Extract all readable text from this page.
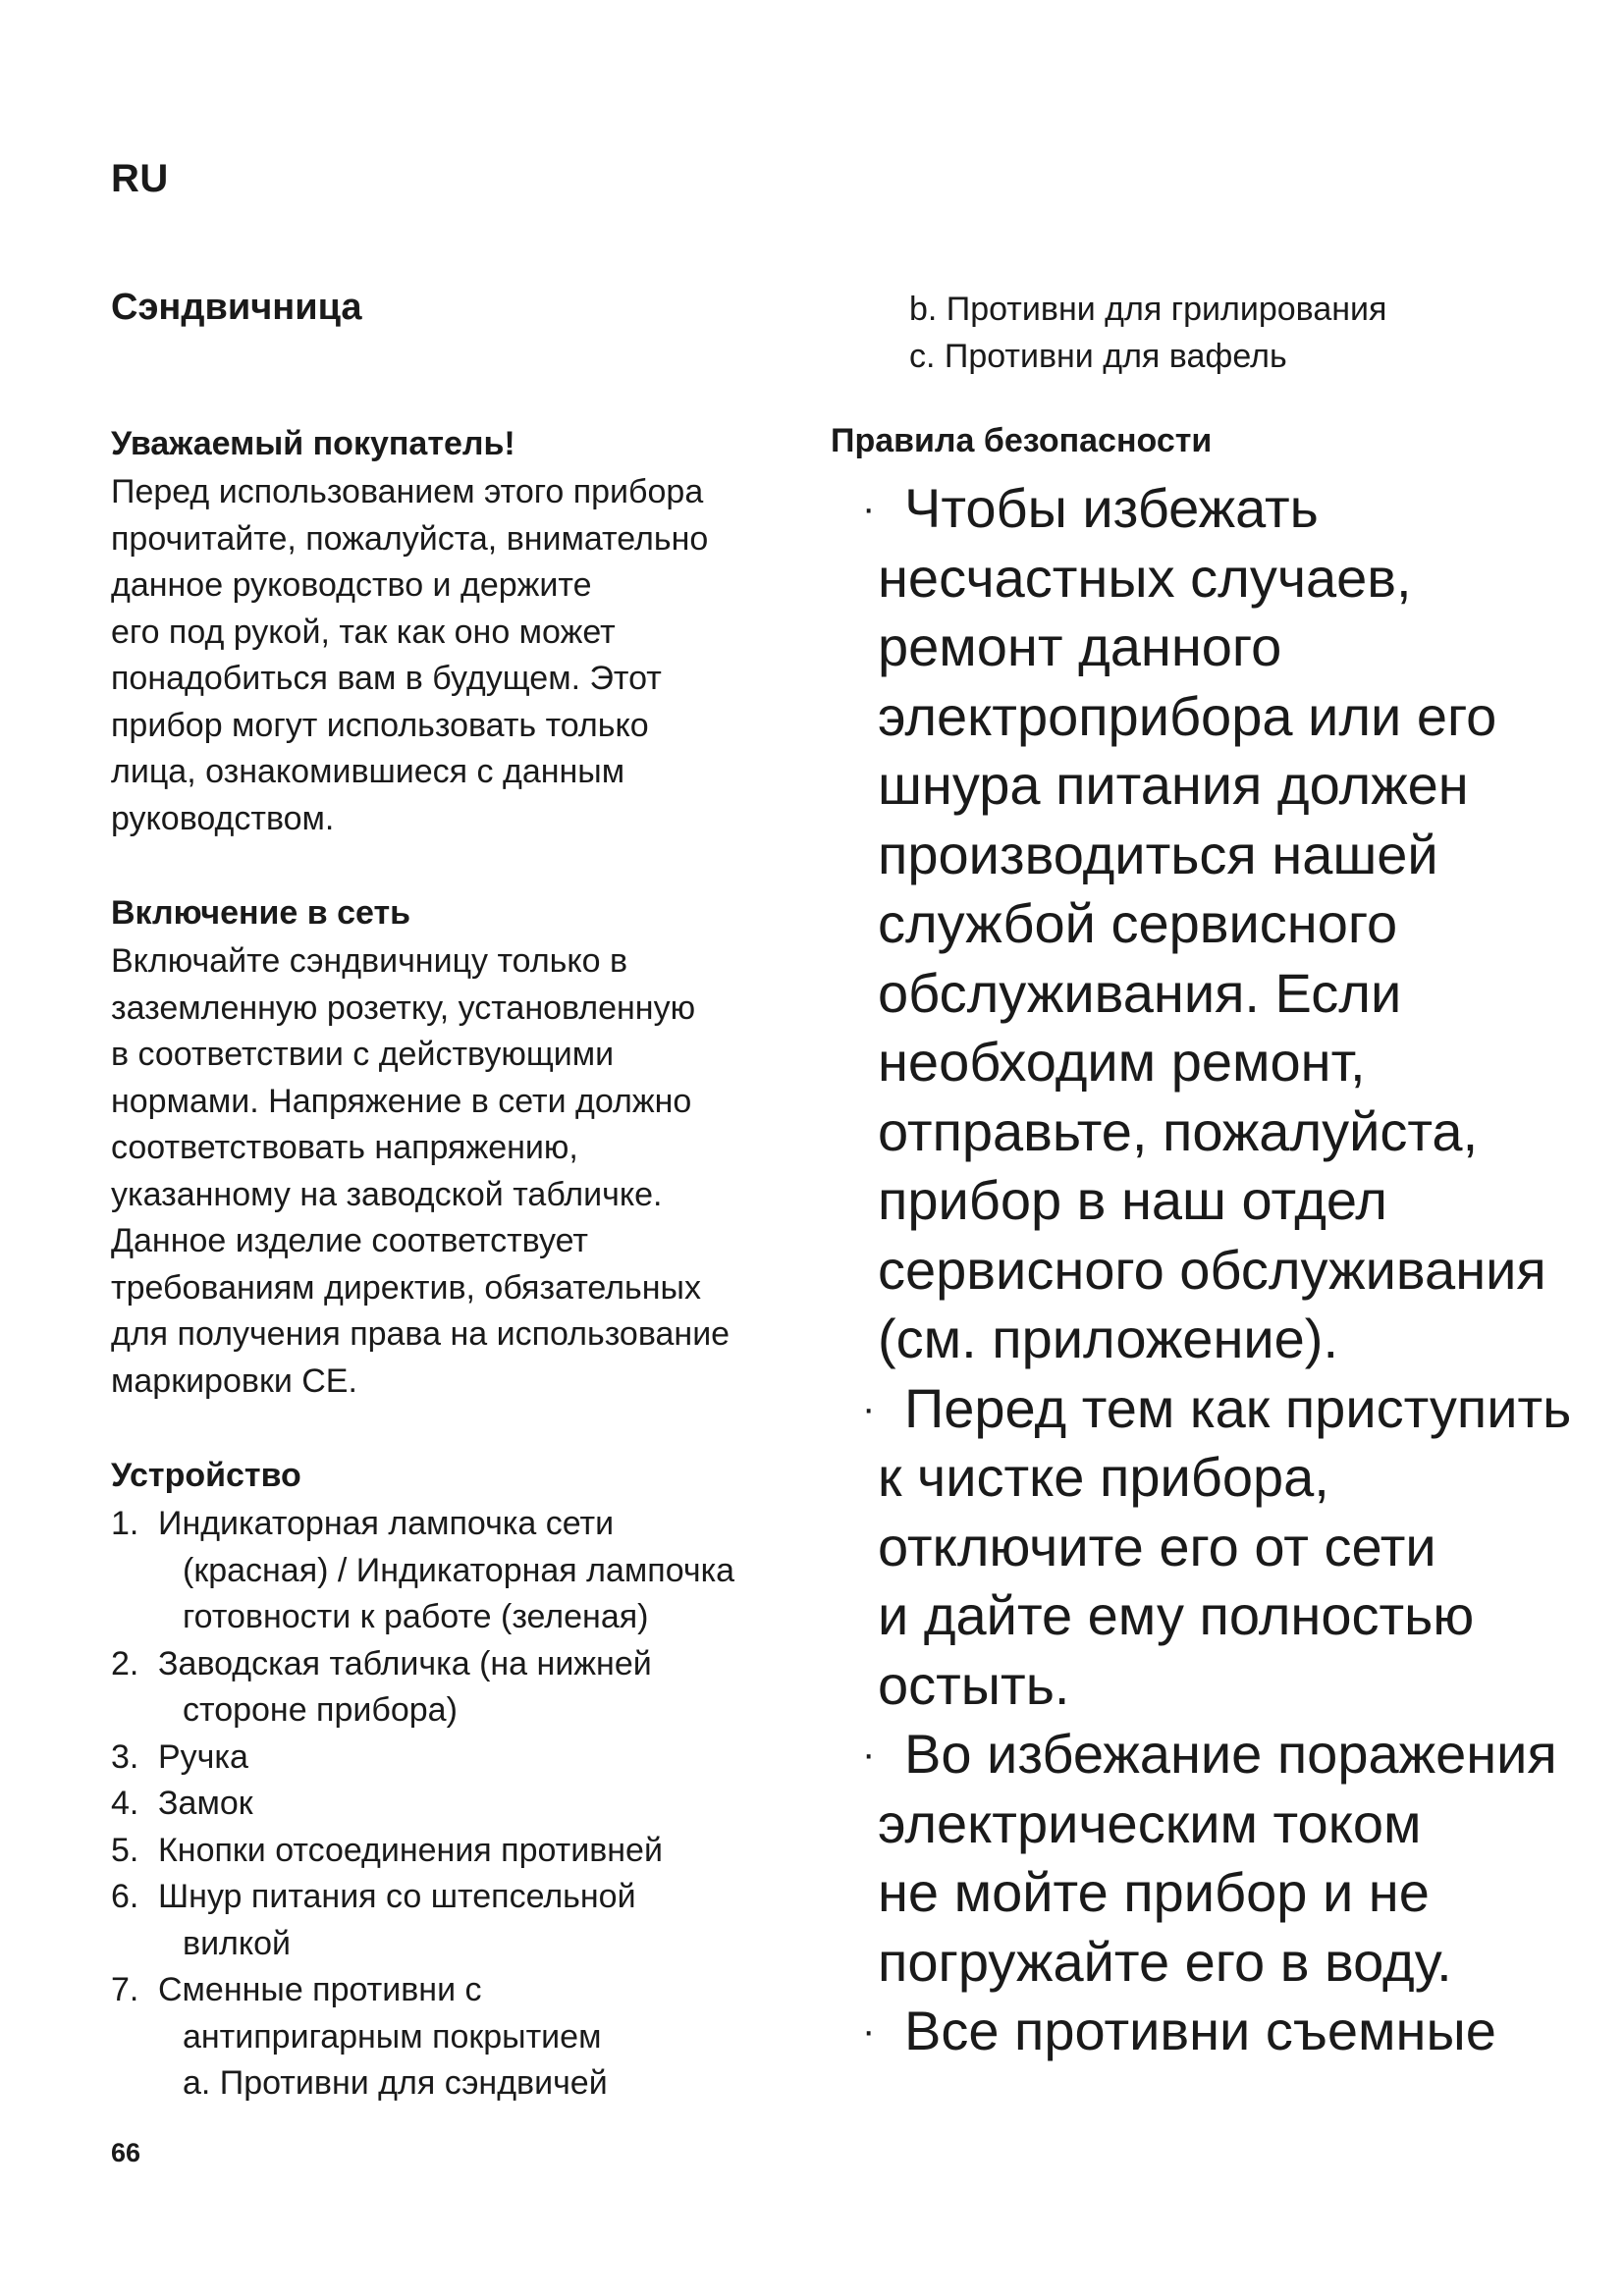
RU
Сэндвичница
Уважаемый покупатель!

Перед использованием этого прибора
прочитайте, пожалуйста, внимательно
данное руководство и держите
его под рукой, так как оно может
понадобиться вам в будущем. Этот
прибор могут использовать только
лица, ознакомившиеся с данным
руководством.

Включение в сеть

Включайте сэндвичницу только в
заземленную розетку, установленную
в соответствии с действующими
нормами. Напряжение в сети должно
соответствовать напряжению,
указанному на заводской табличке.
Данное изделие соответствует
требованиям директив, обязательных
для получения права на использование
маркировки CE.

Устройство
1. Индикаторная лампочка сети
(красная) / Индикаторная лампочка
готовности к работе (зеленая)
2. Заводская табличка (на нижней
стороне прибора)
3. Ручка
4. Замок
5. Кнопки отсоединения противней
6. Шнур питания со штепсельной
вилкой
7. Сменные противни с
антипригарным покрытием
а. Противни для сэндвичей
b. Противни для грилирования
c. Противни для вафель
Правила безопасности
· Чтобы избежать
несчастных случаев,
ремонт данного
электроприбора или его
шнура питания должен
производиться нашей
службой сервисного
обслуживания. Если
необходим ремонт,
отправьте, пожалуйста,
прибор в наш отдел
сервисного обслуживания
(см. приложение).
· Перед тем как приступить
к чистке прибора,
отключите его от сети
и дайте ему полностью
остыть.
· Во избежание поражения
электрическим током
не мойте прибор и не
погружайте его в воду.
· Все противни съемные
66
